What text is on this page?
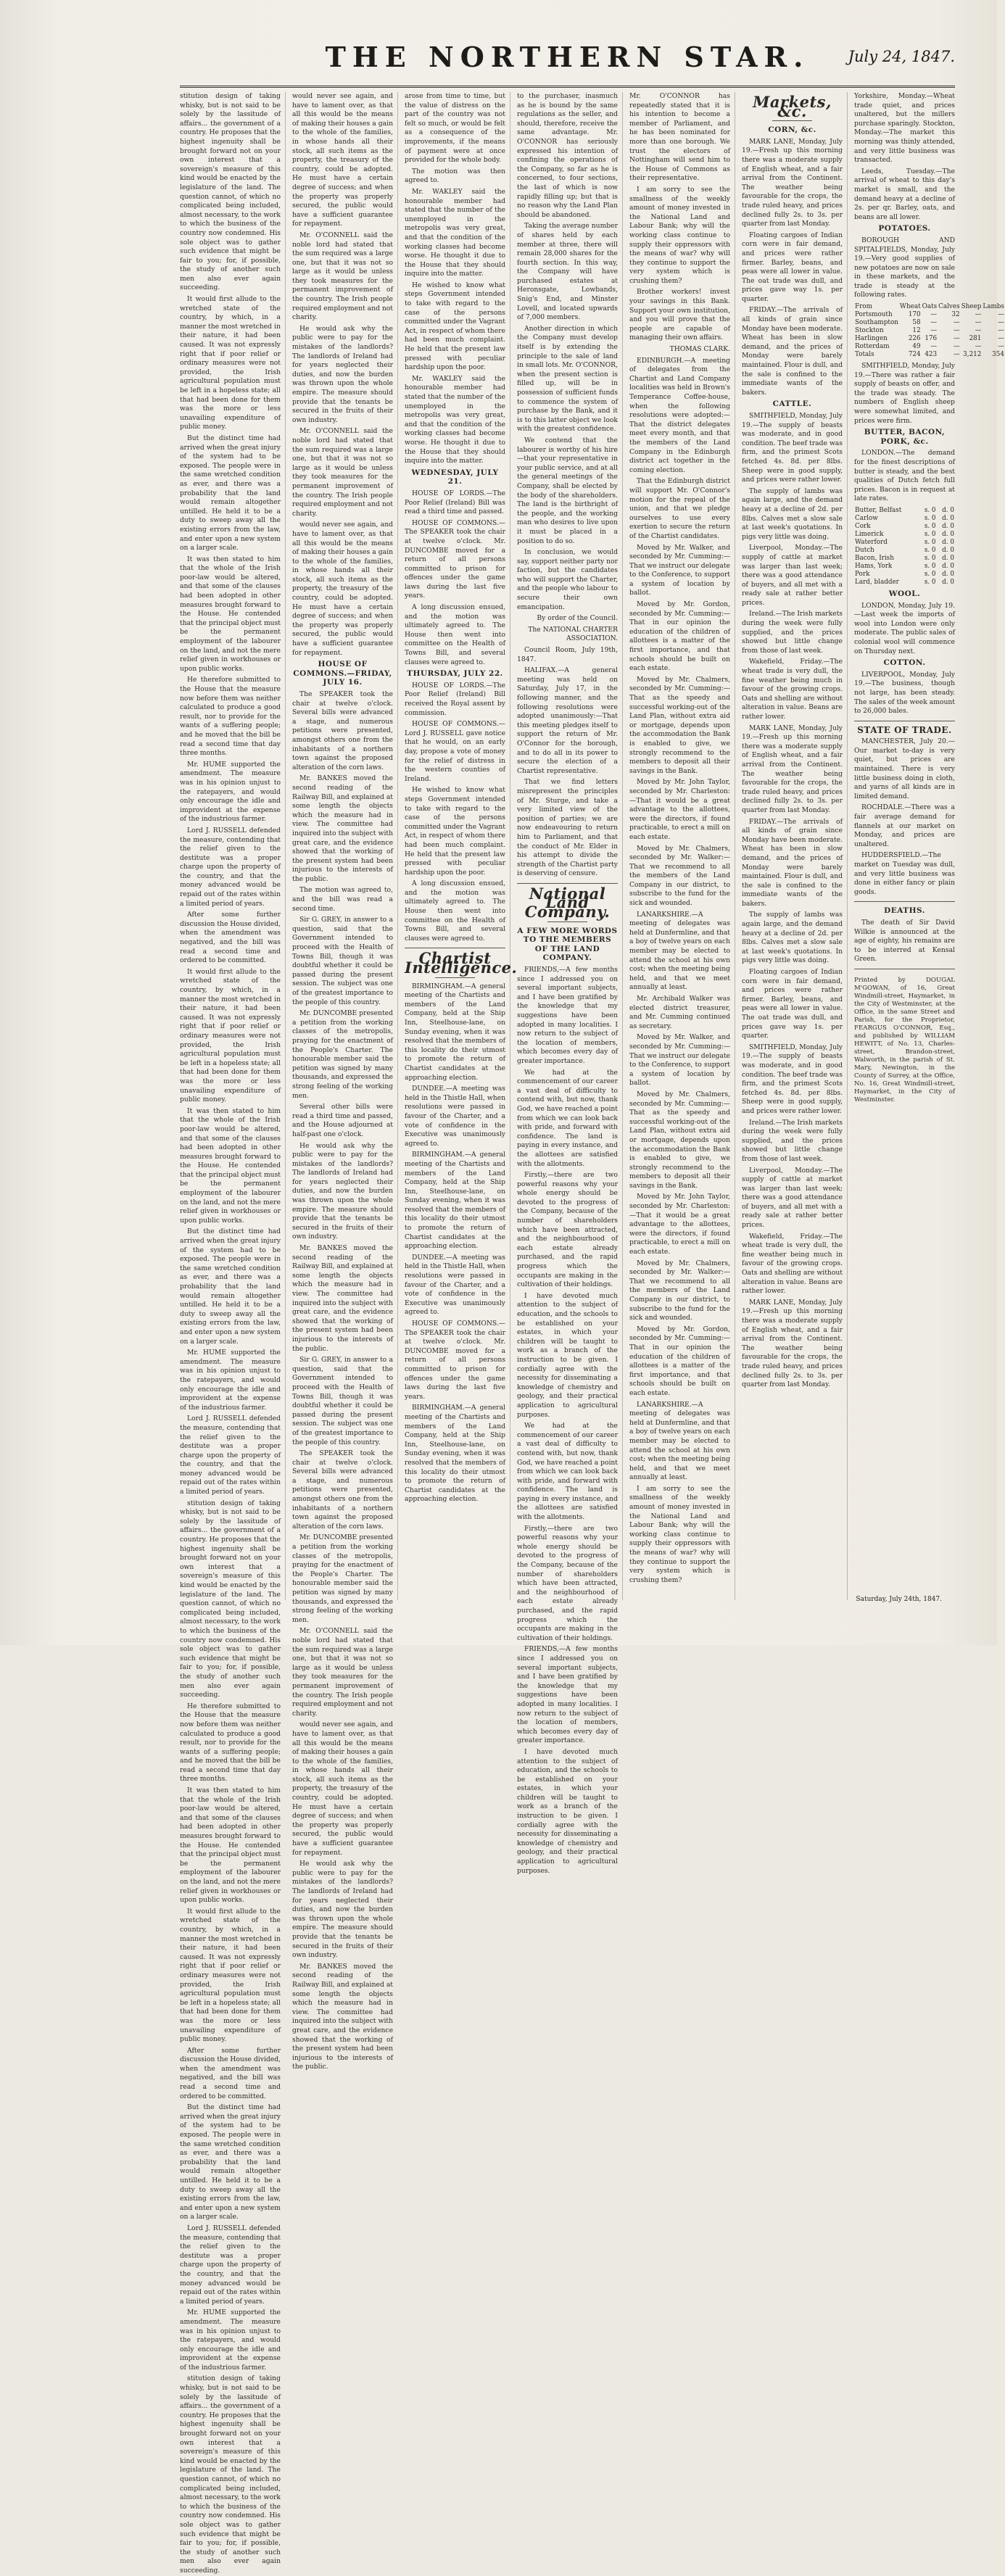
THE NORTHERN STAR.	July 24, 1847.

stitution design of taking whisky, but is not said to be solely by the lassitude of affairs... the government of a country. He proposes that the highest ingenuity shall be brought forward not on your own interest that a sovereign's measure of this kind would be enacted by the legislature of the land. The question cannot, of which no complicated being included, almost necessary, to the work to which the business of the country now condemned. His sole object was to gather such evidence that might be fair to you; for, if possible, the study of another such men also ever again succeeding.

It would first allude to the wretched state of the country, by which, in a manner the most wretched in their nature, it had been caused. It was not expressly right that if poor relief or ordinary measures were not provided, the Irish agricultural population must be left in a hopeless state; all that had been done for them was the more or less unavailing expenditure of public money.

But the distinct time had arrived when the great injury of the system had to be exposed. The people were in the same wretched condition as ever, and there was a probability that the land would remain altogether untilled. He held it to be a duty to sweep away all the existing errors from the law, and enter upon a new system on a larger scale.

It was then stated to him that the whole of the Irish poor-law would be altered, and that some of the clauses had been adopted in other measures brought forward to the House. He contended that the principal object must be the permanent employment of the labourer on the land, and not the mere relief given in workhouses or upon public works.

He therefore submitted to the House that the measure now before them was neither calculated to produce a good result, nor to provide for the wants of a suffering people; and he moved that the bill be read a second time that day three months.

Mr. HUME supported the amendment. The measure was in his opinion unjust to the ratepayers, and would only encourage the idle and improvident at the expense of the industrious farmer.

Lord J. RUSSELL defended the measure, contending that the relief given to the destitute was a proper charge upon the property of the country, and that the money advanced would be repaid out of the rates within a limited period of years.

After some further discussion the House divided, when the amendment was negatived, and the bill was read a second time and ordered to be committed.

It would first allude to the wretched state of the country, by which, in a manner the most wretched in their nature, it had been caused. It was not expressly right that if poor relief or ordinary measures were not provided, the Irish agricultural population must be left in a hopeless state; all that had been done for them was the more or less unavailing expenditure of public money.

It was then stated to him that the whole of the Irish poor-law would be altered, and that some of the clauses had been adopted in other measures brought forward to the House. He contended that the principal object must be the permanent employment of the labourer on the land, and not the mere relief given in workhouses or upon public works.

But the distinct time had arrived when the great injury of the system had to be exposed. The people were in the same wretched condition as ever, and there was a probability that the land would remain altogether untilled. He held it to be a duty to sweep away all the existing errors from the law, and enter upon a new system on a larger scale.

Mr. HUME supported the amendment. The measure was in his opinion unjust to the ratepayers, and would only encourage the idle and improvident at the expense of the industrious farmer.

Lord J. RUSSELL defended the measure, contending that the relief given to the destitute was a proper charge upon the property of the country, and that the money advanced would be repaid out of the rates within a limited period of years.

stitution design of taking whisky, but is not said to be solely by the lassitude of affairs... the government of a country. He proposes that the highest ingenuity shall be brought forward not on your own interest that a sovereign's measure of this kind would be enacted by the legislature of the land. The question cannot, of which no complicated being included, almost necessary, to the work to which the business of the country now condemned. His sole object was to gather such evidence that might be fair to you; for, if possible, the study of another such men also ever again succeeding.

He therefore submitted to the House that the measure now before them was neither calculated to produce a good result, nor to provide for the wants of a suffering people; and he moved that the bill be read a second time that day three months.

It was then stated to him that the whole of the Irish poor-law would be altered, and that some of the clauses had been adopted in other measures brought forward to the House. He contended that the principal object must be the permanent employment of the labourer on the land, and not the mere relief given in workhouses or upon public works.

It would first allude to the wretched state of the country, by which, in a manner the most wretched in their nature, it had been caused. It was not expressly right that if poor relief or ordinary measures were not provided, the Irish agricultural population must be left in a hopeless state; all that had been done for them was the more or less unavailing expenditure of public money.

After some further discussion the House divided, when the amendment was negatived, and the bill was read a second time and ordered to be committed.

But the distinct time had arrived when the great injury of the system had to be exposed. The people were in the same wretched condition as ever, and there was a probability that the land would remain altogether untilled. He held it to be a duty to sweep away all the existing errors from the law, and enter upon a new system on a larger scale.

Lord J. RUSSELL defended the measure, contending that the relief given to the destitute was a proper charge upon the property of the country, and that the money advanced would be repaid out of the rates within a limited period of years.

Mr. HUME supported the amendment. The measure was in his opinion unjust to the ratepayers, and would only encourage the idle and improvident at the expense of the industrious farmer.

stitution design of taking whisky, but is not said to be solely by the lassitude of affairs... the government of a country. He proposes that the highest ingenuity shall be brought forward not on your own interest that a sovereign's measure of this kind would be enacted by the legislature of the land. The question cannot, of which no complicated being included, almost necessary, to the work to which the business of the country now condemned. His sole object was to gather such evidence that might be fair to you; for, if possible, the study of another such men also ever again succeeding.

would never see again, and have to lament over, as that all this would be the means of making their houses a gain to the whole of the families, in whose hands all their stock, all such items as the property, the treasury of the country, could be adopted. He must have a certain degree of success; and when the property was properly secured, the public would have a sufficient guarantee for repayment.

Mr. O'CONNELL said the noble lord had stated that the sum required was a large one, but that it was not so large as it would be unless they took measures for the permanent improvement of the country. The Irish people required employment and not charity.

He would ask why the public were to pay for the mistakes of the landlords? The landlords of Ireland had for years neglected their duties, and now the burden was thrown upon the whole empire. The measure should provide that the tenants be secured in the fruits of their own industry.

Mr. O'CONNELL said the noble lord had stated that the sum required was a large one, but that it was not so large as it would be unless they took measures for the permanent improvement of the country. The Irish people required employment and not charity.

would never see again, and have to lament over, as that all this would be the means of making their houses a gain to the whole of the families, in whose hands all their stock, all such items as the property, the treasury of the country, could be adopted. He must have a certain degree of success; and when the property was properly secured, the public would have a sufficient guarantee for repayment.

HOUSE OF COMMONS.—FRIDAY, JULY 16.

The SPEAKER took the chair at twelve o'clock. Several bills were advanced a stage, and numerous petitions were presented, amongst others one from the inhabitants of a northern town against the proposed alteration of the corn laws.

Mr. BANKES moved the second reading of the Railway Bill, and explained at some length the objects which the measure had in view. The committee had inquired into the subject with great care, and the evidence showed that the working of the present system had been injurious to the interests of the public.

The motion was agreed to, and the bill was read a second time.

Sir G. GREY, in answer to a question, said that the Government intended to proceed with the Health of Towns Bill, though it was doubtful whether it could be passed during the present session. The subject was one of the greatest importance to the people of this country.

Mr. DUNCOMBE presented a petition from the working classes of the metropolis, praying for the enactment of the People's Charter. The honourable member said the petition was signed by many thousands, and expressed the strong feeling of the working men.

Several other bills were read a third time and passed, and the House adjourned at half-past one o'clock.

He would ask why the public were to pay for the mistakes of the landlords? The landlords of Ireland had for years neglected their duties, and now the burden was thrown upon the whole empire. The measure should provide that the tenants be secured in the fruits of their own industry.

Mr. BANKES moved the second reading of the Railway Bill, and explained at some length the objects which the measure had in view. The committee had inquired into the subject with great care, and the evidence showed that the working of the present system had been injurious to the interests of the public.

Sir G. GREY, in answer to a question, said that the Government intended to proceed with the Health of Towns Bill, though it was doubtful whether it could be passed during the present session. The subject was one of the greatest importance to the people of this country.

The SPEAKER took the chair at twelve o'clock. Several bills were advanced a stage, and numerous petitions were presented, amongst others one from the inhabitants of a northern town against the proposed alteration of the corn laws.

Mr. DUNCOMBE presented a petition from the working classes of the metropolis, praying for the enactment of the People's Charter. The honourable member said the petition was signed by many thousands, and expressed the strong feeling of the working men.

Mr. O'CONNELL said the noble lord had stated that the sum required was a large one, but that it was not so large as it would be unless they took measures for the permanent improvement of the country. The Irish people required employment and not charity.

would never see again, and have to lament over, as that all this would be the means of making their houses a gain to the whole of the families, in whose hands all their stock, all such items as the property, the treasury of the country, could be adopted. He must have a certain degree of success; and when the property was properly secured, the public would have a sufficient guarantee for repayment.

He would ask why the public were to pay for the mistakes of the landlords? The landlords of Ireland had for years neglected their duties, and now the burden was thrown upon the whole empire. The measure should provide that the tenants be secured in the fruits of their own industry.

Mr. BANKES moved the second reading of the Railway Bill, and explained at some length the objects which the measure had in view. The committee had inquired into the subject with great care, and the evidence showed that the working of the present system had been injurious to the interests of the public.

arose from time to time, but the value of distress on the part of the country was not felt so much, or would be felt as a consequence of the improvements, if the means of payment were at once provided for the whole body.

The motion was then agreed to.

Mr. WAKLEY said the honourable member had stated that the number of the unemployed in the metropolis was very great, and that the condition of the working classes had become worse. He thought it due to the House that they should inquire into the matter.

He wished to know what steps Government intended to take with regard to the case of the persons committed under the Vagrant Act, in respect of whom there had been much complaint. He held that the present law pressed with peculiar hardship upon the poor.

Mr. WAKLEY said the honourable member had stated that the number of the unemployed in the metropolis was very great, and that the condition of the working classes had become worse. He thought it due to the House that they should inquire into the matter.

WEDNESDAY, JULY 21.

HOUSE OF LORDS.—The Poor Relief (Ireland) Bill was read a third time and passed.

HOUSE OF COMMONS.—The SPEAKER took the chair at twelve o'clock. Mr. DUNCOMBE moved for a return of all persons committed to prison for offences under the game laws during the last five years.

A long discussion ensued, and the motion was ultimately agreed to. The House then went into committee on the Health of Towns Bill, and several clauses were agreed to.

THURSDAY, JULY 22.

HOUSE OF LORDS.—The Poor Relief (Ireland) Bill received the Royal assent by commission.

HOUSE OF COMMONS.—Lord J. RUSSELL gave notice that he would, on an early day, propose a vote of money for the relief of distress in the western counties of Ireland.

He wished to know what steps Government intended to take with regard to the case of the persons committed under the Vagrant Act, in respect of whom there had been much complaint. He held that the present law pressed with peculiar hardship upon the poor.

A long discussion ensued, and the motion was ultimately agreed to. The House then went into committee on the Health of Towns Bill, and several clauses were agreed to.

Chartist Intelligence.

BIRMINGHAM.—A general meeting of the Chartists and members of the Land Company, held at the Ship Inn, Steelhouse-lane, on Sunday evening, when it was resolved that the members of this locality do their utmost to promote the return of Chartist candidates at the approaching election.

DUNDEE.—A meeting was held in the Thistle Hall, when resolutions were passed in favour of the Charter, and a vote of confidence in the Executive was unanimously agreed to.

BIRMINGHAM.—A general meeting of the Chartists and members of the Land Company, held at the Ship Inn, Steelhouse-lane, on Sunday evening, when it was resolved that the members of this locality do their utmost to promote the return of Chartist candidates at the approaching election.

DUNDEE.—A meeting was held in the Thistle Hall, when resolutions were passed in favour of the Charter, and a vote of confidence in the Executive was unanimously agreed to.

HOUSE OF COMMONS.—The SPEAKER took the chair at twelve o'clock. Mr. DUNCOMBE moved for a return of all persons committed to prison for offences under the game laws during the last five years.

BIRMINGHAM.—A general meeting of the Chartists and members of the Land Company, held at the Ship Inn, Steelhouse-lane, on Sunday evening, when it was resolved that the members of this locality do their utmost to promote the return of Chartist candidates at the approaching election.

to the purchaser, inasmuch as he is bound by the same regulations as the seller, and should, therefore, receive the same advantage. Mr. O'CONNOR has seriously expressed his intention of confining the operations of the Company, so far as he is concerned, to four sections, the last of which is now rapidly filling up; but that is no reason why the Land Plan should be abandoned.

Taking the average number of shares held by each member at three, there will remain 28,000 shares for the fourth section. In this way, the Company will have purchased estates at Heronsgate, Lowbands, Snig's End, and Minster Lovell, and located upwards of 7,000 members.

Another direction in which the Company must develop itself is by extending the principle to the sale of land in small lots. Mr. O'CONNOR, when the present section is filled up, will be in possession of sufficient funds to commence the system of purchase by the Bank, and it is to this latter object we look with the greatest confidence.

We contend that the labourer is worthy of his hire—that your representative in your public service, and at all the general meetings of the Company, shall be elected by the body of the shareholders. The land is the birthright of the people, and the working man who desires to live upon it must be placed in a position to do so.

In conclusion, we would say, support neither party nor faction, but the candidates who will support the Charter, and the people who labour to secure their own emancipation.

By order of the Council.

The NATIONAL CHARTER ASSOCIATION.

Council Room, July 19th, 1847.

HALIFAX.—A general meeting was held on Saturday, July 17, in the following manner, and the following resolutions were adopted unanimously:—That this meeting pledges itself to support the return of Mr. O'Connor for the borough, and to do all in its power to secure the election of a Chartist representative.

That we find letters misrepresent the principles of Mr. Sturge, and take a very limited view of the position of parties; we are now endeavouring to return him to Parliament, and that the conduct of Mr. Elder in his attempt to divide the strength of the Chartist party is deserving of censure.

National Land Company.
A FEW MORE WORDS TO THE MEMBERS OF THE LAND COMPANY.

FRIENDS,—A few months since I addressed you on several important subjects, and I have been gratified by the knowledge that my suggestions have been adopted in many localities. I now return to the subject of the location of members, which becomes every day of greater importance.

We had at the commencement of our career a vast deal of difficulty to contend with, but now, thank God, we have reached a point from which we can look back with pride, and forward with confidence. The land is paying in every instance, and the allottees are satisfied with the allotments.

Firstly,—there are two powerful reasons why your whole energy should be devoted to the progress of the Company, because of the number of shareholders which have been attracted, and the neighbourhood of each estate already purchased, and the rapid progress which the occupants are making in the cultivation of their holdings.

I have devoted much attention to the subject of education, and the schools to be established on your estates, in which your children will be taught to work as a branch of the instruction to be given. I cordially agree with the necessity for disseminating a knowledge of chemistry and geology, and their practical application to agricultural purposes.

We had at the commencement of our career a vast deal of difficulty to contend with, but now, thank God, we have reached a point from which we can look back with pride, and forward with confidence. The land is paying in every instance, and the allottees are satisfied with the allotments.

Firstly,—there are two powerful reasons why your whole energy should be devoted to the progress of the Company, because of the number of shareholders which have been attracted, and the neighbourhood of each estate already purchased, and the rapid progress which the occupants are making in the cultivation of their holdings.

FRIENDS,—A few months since I addressed you on several important subjects, and I have been gratified by the knowledge that my suggestions have been adopted in many localities. I now return to the subject of the location of members, which becomes every day of greater importance.

I have devoted much attention to the subject of education, and the schools to be established on your estates, in which your children will be taught to work as a branch of the instruction to be given. I cordially agree with the necessity for disseminating a knowledge of chemistry and geology, and their practical application to agricultural purposes.

Mr. O'CONNOR has repeatedly stated that it is his intention to become a member of Parliament, and he has been nominated for more than one borough. We trust the electors of Nottingham will send him to the House of Commons as their representative.

I am sorry to see the smallness of the weekly amount of money invested in the National Land and Labour Bank; why will the working class continue to supply their oppressors with the means of war? why will they continue to support the very system which is crushing them?

Brother workers! invest your savings in this Bank. Support your own institution, and you will prove that the people are capable of managing their own affairs.

THOMAS CLARK.

EDINBURGH.—A meeting of delegates from the Chartist and Land Company localities was held in Brown's Temperance Coffee-house, when the following resolutions were adopted:—That the district delegates meet every month, and that the members of the Land Company in the Edinburgh district act together in the coming election.

That the Edinburgh district will support Mr. O'Connor's motion for the repeal of the union, and that we pledge ourselves to use every exertion to secure the return of the Chartist candidates.

Moved by Mr. Walker, and seconded by Mr. Cumming:—That we instruct our delegate to the Conference, to support a system of location by ballot.

Moved by Mr. Gordon, seconded by Mr. Cumming:—That in our opinion the education of the children of allottees is a matter of the first importance, and that schools should be built on each estate.

Moved by Mr. Chalmers, seconded by Mr. Cumming:—That as the speedy and successful working-out of the Land Plan, without extra aid or mortgage, depends upon the accommodation the Bank is enabled to give, we strongly recommend to the members to deposit all their savings in the Bank.

Moved by Mr. John Taylor, seconded by Mr. Charleston:—That it would be a great advantage to the allottees, were the directors, if found practicable, to erect a mill on each estate.

Moved by Mr. Chalmers, seconded by Mr. Walker:—That we recommend to all the members of the Land Company in our district, to subscribe to the fund for the sick and wounded.

LANARKSHIRE.—A meeting of delegates was held at Dunfermline, and that a boy of twelve years on each member may be elected to attend the school at his own cost; when the meeting being held, and that we meet annually at least.

Mr. Archibald Walker was elected district treasurer, and Mr. Cumming continued as secretary.

Moved by Mr. Walker, and seconded by Mr. Cumming:—That we instruct our delegate to the Conference, to support a system of location by ballot.

Moved by Mr. Chalmers, seconded by Mr. Cumming:—That as the speedy and successful working-out of the Land Plan, without extra aid or mortgage, depends upon the accommodation the Bank is enabled to give, we strongly recommend to the members to deposit all their savings in the Bank.

Moved by Mr. John Taylor, seconded by Mr. Charleston:—That it would be a great advantage to the allottees, were the directors, if found practicable, to erect a mill on each estate.

Moved by Mr. Chalmers, seconded by Mr. Walker:—That we recommend to all the members of the Land Company in our district, to subscribe to the fund for the sick and wounded.

Moved by Mr. Gordon, seconded by Mr. Cumming:—That in our opinion the education of the children of allottees is a matter of the first importance, and that schools should be built on each estate.

LANARKSHIRE.—A meeting of delegates was held at Dunfermline, and that a boy of twelve years on each member may be elected to attend the school at his own cost; when the meeting being held, and that we meet annually at least.

I am sorry to see the smallness of the weekly amount of money invested in the National Land and Labour Bank; why will the working class continue to supply their oppressors with the means of war? why will they continue to support the very system which is crushing them?

Markets, &c.
CORN, &c.

MARK LANE, Monday, July 19.—Fresh up this morning there was a moderate supply of English wheat, and a fair arrival from the Continent. The weather being favourable for the crops, the trade ruled heavy, and prices declined fully 2s. to 3s. per quarter from last Monday.

Floating cargoes of Indian corn were in fair demand, and prices were rather firmer. Barley, beans, and peas were all lower in value. The oat trade was dull, and prices gave way 1s. per quarter.

FRIDAY.—The arrivals of all kinds of grain since Monday have been moderate. Wheat has been in slow demand, and the prices of Monday were barely maintained. Flour is dull, and the sale is confined to the immediate wants of the bakers.

CATTLE.

SMITHFIELD, Monday, July 19.—The supply of beasts was moderate, and in good condition. The beef trade was firm, and the primest Scots fetched 4s. 8d. per 8lbs. Sheep were in good supply, and prices were rather lower.

The supply of lambs was again large, and the demand heavy at a decline of 2d. per 8lbs. Calves met a slow sale at last week's quotations. In pigs very little was doing.

Liverpool, Monday.—The supply of cattle at market was larger than last week; there was a good attendance of buyers, and all met with a ready sale at rather better prices.

Ireland.—The Irish markets during the week were fully supplied, and the prices showed but little change from those of last week.

Wakefield, Friday.—The wheat trade is very dull, the fine weather being much in favour of the growing crops. Oats and shelling are without alteration in value. Beans are rather lower.

MARK LANE, Monday, July 19.—Fresh up this morning there was a moderate supply of English wheat, and a fair arrival from the Continent. The weather being favourable for the crops, the trade ruled heavy, and prices declined fully 2s. to 3s. per quarter from last Monday.

FRIDAY.—The arrivals of all kinds of grain since Monday have been moderate. Wheat has been in slow demand, and the prices of Monday were barely maintained. Flour is dull, and the sale is confined to the immediate wants of the bakers.

The supply of lambs was again large, and the demand heavy at a decline of 2d. per 8lbs. Calves met a slow sale at last week's quotations. In pigs very little was doing.

Floating cargoes of Indian corn were in fair demand, and prices were rather firmer. Barley, beans, and peas were all lower in value. The oat trade was dull, and prices gave way 1s. per quarter.

SMITHFIELD, Monday, July 19.—The supply of beasts was moderate, and in good condition. The beef trade was firm, and the primest Scots fetched 4s. 8d. per 8lbs. Sheep were in good supply, and prices were rather lower.

Ireland.—The Irish markets during the week were fully supplied, and the prices showed but little change from those of last week.

Liverpool, Monday.—The supply of cattle at market was larger than last week; there was a good attendance of buyers, and all met with a ready sale at rather better prices.

Wakefield, Friday.—The wheat trade is very dull, the fine weather being much in favour of the growing crops. Oats and shelling are without alteration in value. Beans are rather lower.

MARK LANE, Monday, July 19.—Fresh up this morning there was a moderate supply of English wheat, and a fair arrival from the Continent. The weather being favourable for the crops, the trade ruled heavy, and prices declined fully 2s. to 3s. per quarter from last Monday.

Yorkshire, Monday.—Wheat trade quiet, and prices unaltered, but the millers purchase sparingly. Stockton, Monday.—The market this morning was thinly attended, and very little business was transacted.

Leeds, Tuesday.—The arrival of wheat to this day's market is small, and the demand heavy at a decline of 2s. per qr. Barley, oats, and beans are all lower.

POTATOES.

BOROUGH AND SPITALFIELDS, Monday, July 19.—Very good supplies of new potatoes are now on sale in these markets, and the trade is steady at the following rates.

From	Wheat	Oats	Calves	Sheep	Lambs
Portsmouth	170	—	32	—	—
Southampton	58	—	—	—	—
Stockton	12	—	—	—	—
Harlingen	226	176	—	281	—
Rotterdam	49	—	—	—	—
Totals	724	423	—	3,212	354

SMITHFIELD, Monday, July 19.—There was rather a fair supply of beasts on offer, and the trade was steady. The numbers of English sheep were somewhat limited, and prices were firm.

BUTTER, BACON, PORK, &c.

LONDON.—The demand for the finest descriptions of butter is steady, and the best qualities of Dutch fetch full prices. Bacon is in request at late rates.

Butter, Belfast	s. 0	d. 0
Carlow	s. 0	d. 0
Cork	s. 0	d. 0
Limerick	s. 0	d. 0
Waterford	s. 0	d. 0
Dutch	s. 0	d. 0
Bacon, Irish	s. 0	d. 0
Hams, York	s. 0	d. 0
Pork	s. 0	d. 0
Lard, bladder	s. 0	d. 0
WOOL.

LONDON, Monday, July 19.—Last week the imports of wool into London were only moderate. The public sales of colonial wool will commence on Thursday next.

COTTON.

LIVERPOOL, Monday, July 19.—The business, though not large, has been steady. The sales of the week amount to 26,000 bales.

STATE OF TRADE.

MANCHESTER, July 20.—Our market to-day is very quiet, but prices are maintained. There is very little business doing in cloth, and yarns of all kinds are in limited demand.

ROCHDALE.—There was a fair average demand for flannels at our market on Monday, and prices are unaltered.

HUDDERSFIELD.—The market on Tuesday was dull, and very little business was done in either fancy or plain goods.

DEATHS.

The death of Sir David Wilkie is announced at the age of eighty, his remains are to be interred at Kensal Green.

Printed by DOUGAL M'GOWAN, of 16, Great Windmill-street, Haymarket, in the City of Westminster, at the Office, in the same Street and Parish, for the Proprietor, FEARGUS O'CONNOR, Esq., and published by WILLIAM HEWITT, of No. 13, Charles-street, Brandon-street, Walworth, in the parish of St. Mary, Newington, in the County of Surrey, at the Office, No. 16, Great Windmill-street, Haymarket, in the City of Westminster.
Saturday, July 24th, 1847.
